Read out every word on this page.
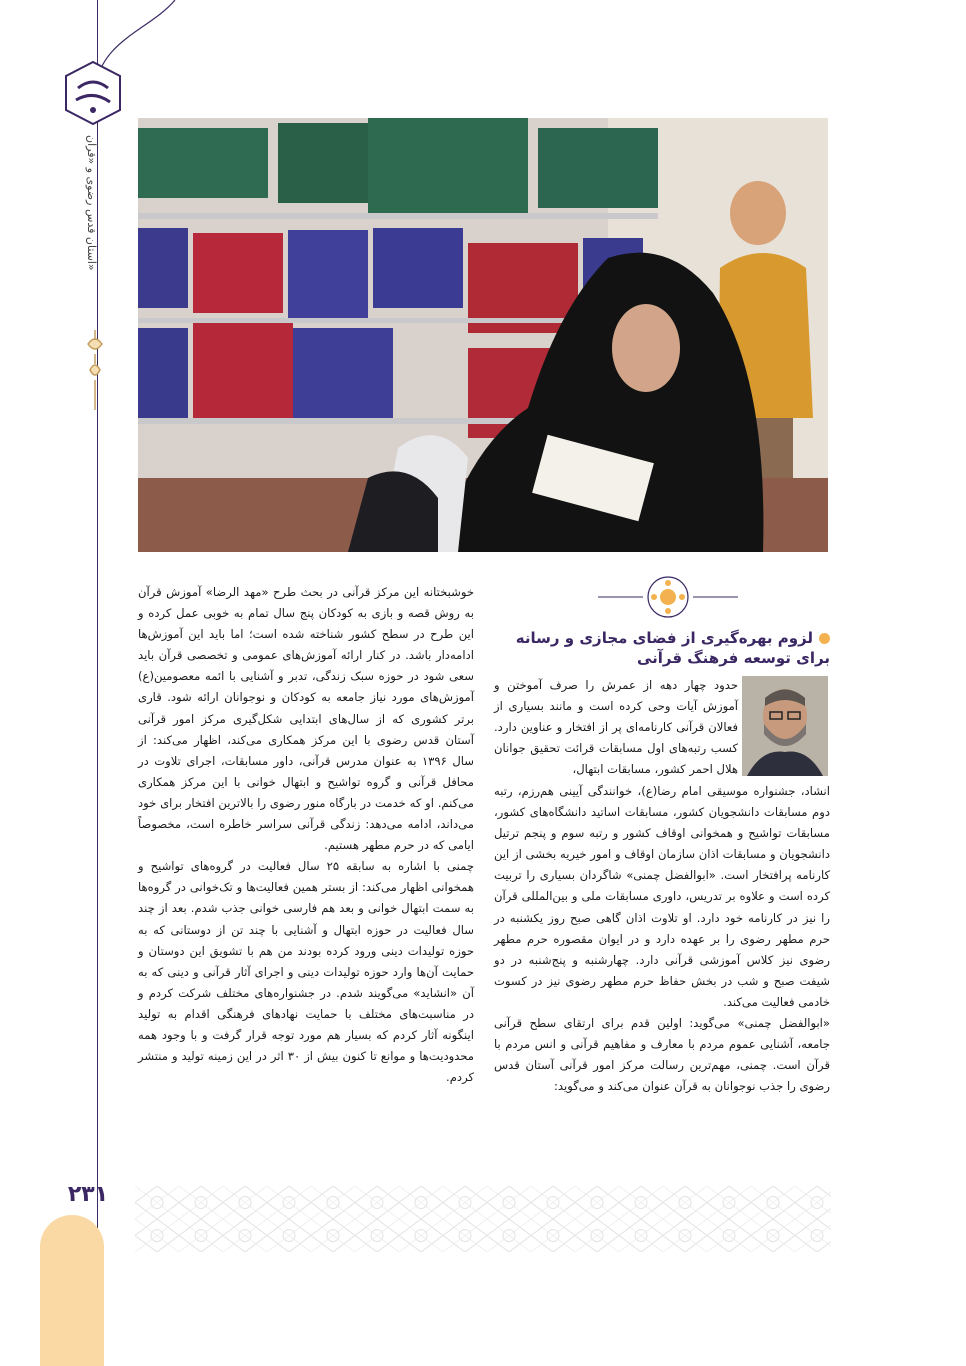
آستان قدس رضوی و «قرآن»
۲۳۱
لزوم بهره‌گیری از فضای مجازی و رسانه برای توسعه فرهنگ قرآنی

حدود چهار دهه از عمرش را صرف آموختن و آموزش آیات وحی کرده است و مانند بسیاری از فعالان قرآنی کارنامه‌ای پر از افتخار و عناوین دارد. کسب رتبه‌های اول مسابقات قرائت تحقیق جوانان هلال احمر کشور، مسابقات ابتهال،

انشاد، جشنواره موسیقی امام رضا(ع)، خوانندگی آیینی هم‌رزم، رتبه دوم مسابقات دانشجویان کشور، مسابقات اساتید دانشگاه‌های کشور، مسابقات تواشیح و همخوانی اوقاف کشور و رتبه سوم و پنجم ترتیل دانشجویان و مسابقات اذان سازمان اوقاف و امور خیریه بخشی از این کارنامه پرافتخار است. «ابوالفضل چمنی» شاگردان بسیاری را تربیت کرده است و علاوه بر تدریس، داوری مسابقات ملی و بین‌المللی قرآن را نیز در کارنامه خود دارد. او تلاوت اذان گاهی صبح روز یکشنبه در حرم مطهر رضوی را بر عهده دارد و در ایوان مقصوره حرم مطهر رضوی نیز کلاس آموزشی قرآنی دارد. چهارشنبه و پنج‌شنبه در دو شیفت صبح و شب در بخش حفاظ حرم مطهر رضوی نیز در کسوت خادمی فعالیت می‌کند.

«ابوالفضل چمنی» می‌گوید: اولین قدم برای ارتقای سطح قرآنی جامعه، آشنایی عموم مردم با معارف و مفاهیم قرآنی و انس مردم با قرآن است. چمنی، مهم‌ترین رسالت مرکز امور قرآنی آستان قدس رضوی را جذب نوجوانان به قرآن عنوان می‌کند و می‌گوید:

خوشبختانه این مرکز قرآنی در بحث طرح «مهد الرضا» آموزش قرآن به روش قصه و بازی به کودکان پنج سال تمام به خوبی عمل کرده و این طرح در سطح کشور شناخته شده است؛ اما باید این آموزش‌ها ادامه‌دار باشد. در کنار ارائه آموزش‌های عمومی و تخصصی قرآن باید سعی شود در حوزه سبک زندگی، تدبر و آشنایی با ائمه معصومین(ع) آموزش‌های مورد نیاز جامعه به کودکان و نوجوانان ارائه شود. قاری برتر کشوری که از سال‌های ابتدایی شکل‌گیری مرکز امور قرآنی آستان قدس رضوی با این مرکز همکاری می‌کند، اظهار می‌کند: از سال ۱۳۹۶ به عنوان مدرس قرآنی، داور مسابقات، اجرای تلاوت در محافل قرآنی و گروه تواشیح و ابتهال خوانی با این مرکز همکاری می‌کنم. او که خدمت در بارگاه منور رضوی را بالاترین افتخار برای خود می‌داند، ادامه می‌دهد: زندگی قرآنی سراسر خاطره است، مخصوصاً ایامی که در حرم مطهر هستیم.

چمنی با اشاره به سابقه ۲۵ سال فعالیت در گروه‌های تواشیح و همخوانی اظهار می‌کند: از بستر همین فعالیت‌ها و تک‌خوانی در گروه‌ها به سمت ابتهال خوانی و بعد هم فارسی خوانی جذب شدم. بعد از چند سال فعالیت در حوزه ابتهال و آشنایی با چند تن از دوستانی که به حوزه تولیدات دینی ورود کرده بودند من هم با تشویق این دوستان و حمایت آن‌ها وارد حوزه تولیدات دینی و اجرای آثار قرآنی و دینی که به آن «انشاید» می‌گویند شدم. در جشنواره‌های مختلف شرکت کردم و در مناسبت‌های مختلف با حمایت نهادهای فرهنگی اقدام به تولید اینگونه آثار کردم که بسیار هم مورد توجه قرار گرفت و با وجود همه محدودیت‌ها و موانع تا کنون بیش از ۳۰ اثر در این زمینه تولید و منتشر کردم.
